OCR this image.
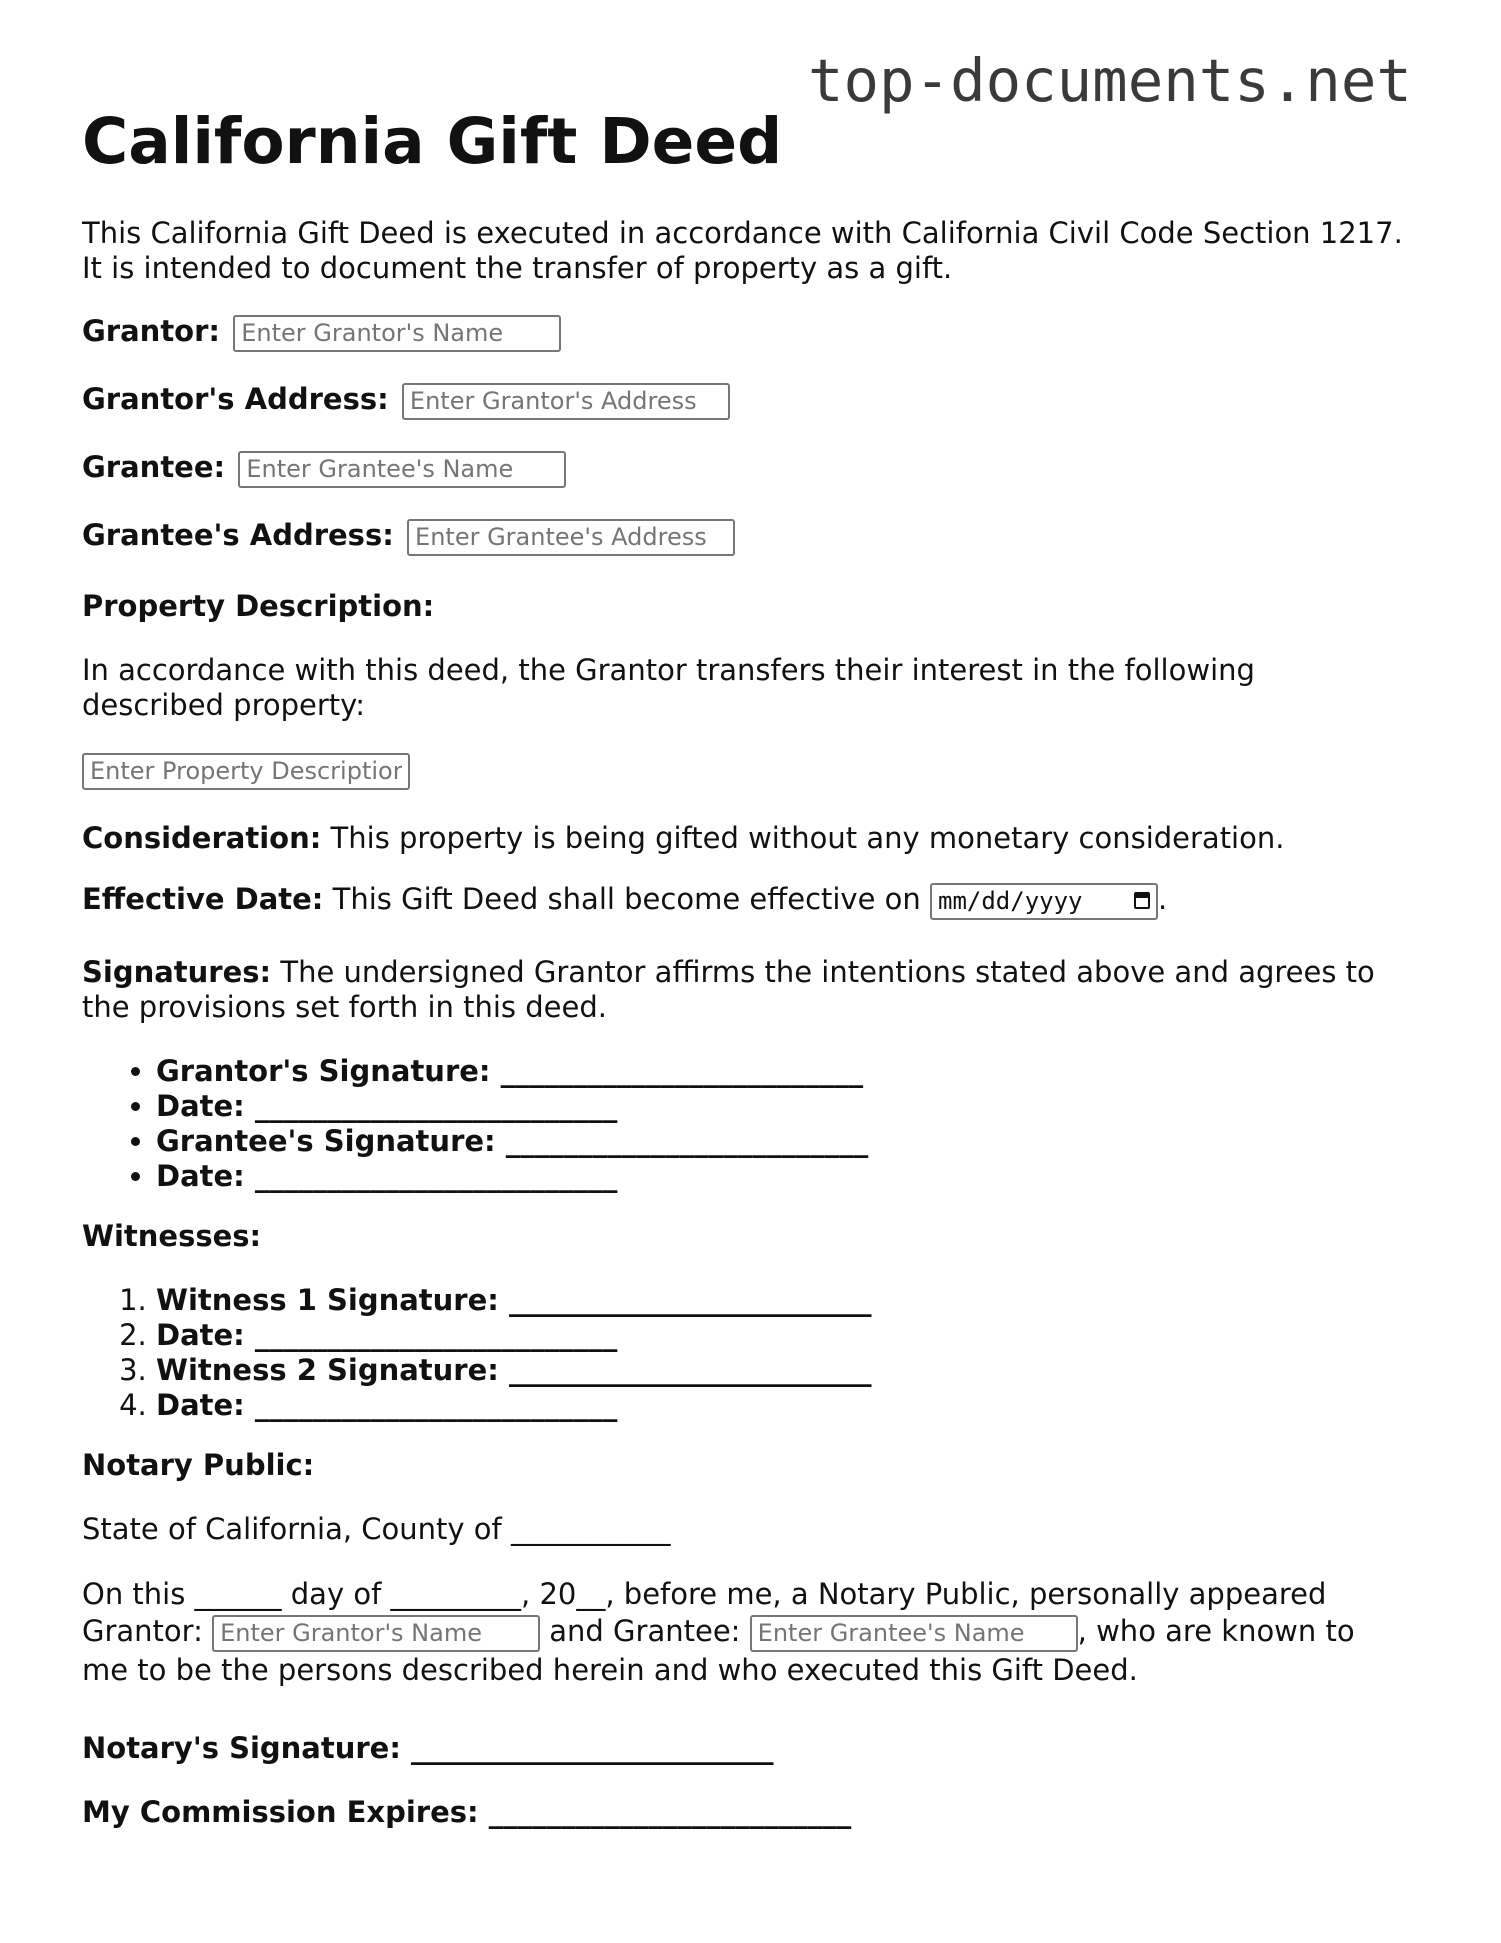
top-documents.net
California Gift Deed
This California Gift Deed is executed in accordance with California Civil Code Section 1217. It is intended to document the transfer of property as a gift.
Grantor: Enter Grantor's Name
Grantor's Address: Enter Grantor's Address
Grantee: Enter Grantee's Name
Grantee's Address: Enter Grantee's Address
Property Description:
In accordance with this deed, the Grantor transfers their interest in the following described property:
Enter Property Description
Consideration: This property is being gifted without any monetary consideration.
Effective Date: This Gift Deed shall become effective on mm/dd/yyyy	.
Signatures: The undersigned Grantor affirms the intentions stated above and agrees to the provisions set forth in this deed.
• Grantor's Signature: _________________________
• Date: _________________________
• Grantee's Signature: _________________________
• Date: _________________________
Witnesses:
1. Witness 1 Signature: _________________________
2. Date: _________________________
3. Witness 2 Signature: _________________________
4. Date: _________________________
Notary Public:
State of California, County of ___________
On this ______ day of _________, 20__, before me, a Notary Public, personally appeared Grantor: Enter Grantor's Name	and Grantee: Enter Grantee's Name	, who are known to me to be the persons described herein and who executed this Gift Deed.
Notary's Signature: _________________________
My Commission Expires: _________________________
